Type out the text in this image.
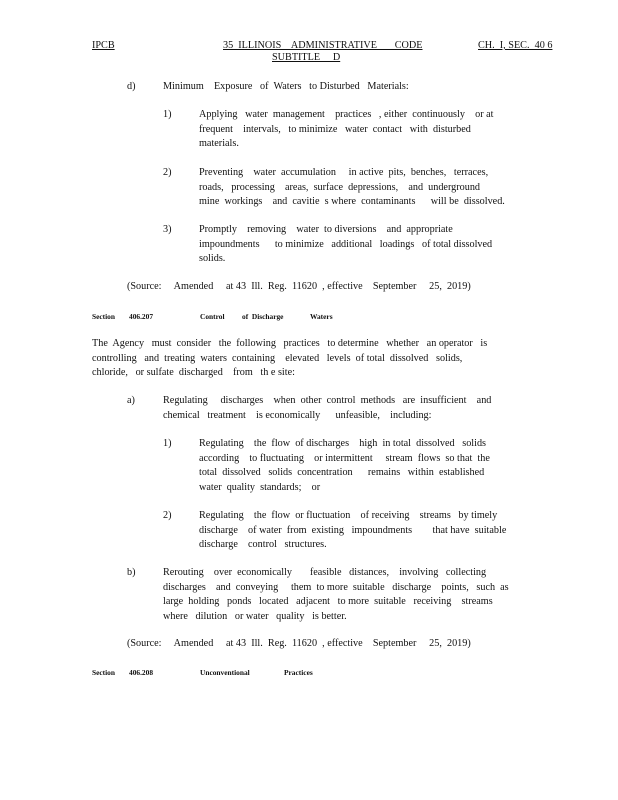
IPCB	35  ILLINOIS    ADMINISTRATIVE       CODE
SUBTITLE     D
CH.  I, SEC.  40 6
d)	Minimum    Exposure   of  Waters   to Disturbed   Materials:
1)	Applying   water  management    practices   , either  continuously    or at
frequent    intervals,   to minimize   water  contact   with  disturbed
materials.
2)	Preventing    water  accumulation     in active  pits,  benches,   terraces,
roads,   processing    areas,  surface  depressions,    and  underground
mine  workings    and  cavitie  s where  contaminants      will be  dissolved.
3)	Promptly    removing    water  to diversions    and  appropriate
impoundments      to minimize   additional   loadings   of total dissolved
solids.
(Source:     Amended     at 43  Ill.  Reg.  11620  , effective    September     25,  2019)
Section 406.207	Control of  Discharge	Waters
The  Agency   must  consider   the  following   practices   to determine   whether   an operator   is
controlling   and  treating  waters  containing    elevated   levels  of total  dissolved   solids,
chloride,   or sulfate  discharged    from   th e site:
a)	Regulating     discharges    when  other  control  methods   are  insufficient    and
chemical   treatment    is economically      unfeasible,    including:
1)	Regulating    the  flow  of discharges    high  in total  dissolved   solids
according    to fluctuating    or intermittent     stream  flows  so that  the
total  dissolved   solids  concentration      remains   within  established
water  quality  standards;    or
2)	Regulating    the  flow  or fluctuation    of receiving    streams   by timely
discharge    of water  from  existing   impoundments        that have  suitable
discharge    control   structures.
b)	Rerouting    over  economically       feasible   distances,    involving   collecting
discharges    and  conveying     them  to more  suitable   discharge    points,   such  as
large  holding   ponds   located   adjacent   to more  suitable   receiving    streams
where   dilution   or water   quality   is better.
(Source:     Amended     at 43  Ill.  Reg.  11620  , effective    September     25,  2019)
Section 406.208	Unconventional	Practices
